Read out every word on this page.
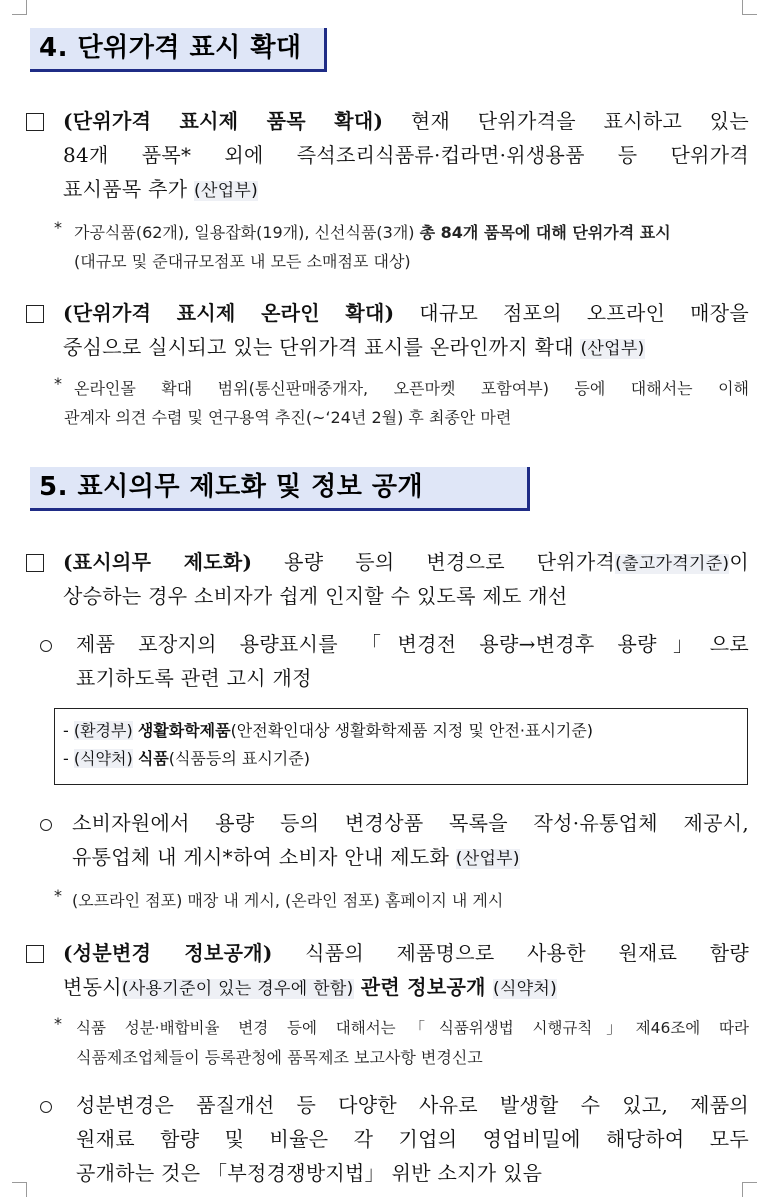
4. 단위가격 표시 확대
(단위가격 표시제 품목 확대) 현재 단위가격을 표시하고 있는
84개 품목* 외에 즉석조리식품류·컵라면·위생용품 등 단위가격
표시품목 추가 (산업부)
* 가공식품(62개), 일용잡화(19개), 신선식품(3개) 총 84개 품목에 대해 단위가격 표시
(대규모 및 준대규모점포 내 모든 소매점포 대상)
(단위가격 표시제 온라인 확대) 대규모 점포의 오프라인 매장을
중심으로 실시되고 있는 단위가격 표시를 온라인까지 확대 (산업부)
* 온라인몰 확대 범위(통신판매중개자, 오픈마켓 포함여부) 등에 대해서는 이해
관계자 의견 수렴 및 연구용역 추진(~‘24년 2월) 후 최종안 마련
5. 표시의무 제도화 및 정보 공개
(표시의무 제도화) 용량 등의 변경으로 단위가격(출고가격기준)이
상승하는 경우 소비자가 쉽게 인지할 수 있도록 제도 개선
제품 포장지의 용량표시를 「변경전 용량→변경후 용량」으로
표기하도록 관련 고시 개정
- (환경부) 생활화학제품(안전확인대상 생활화학제품 지정 및 안전·표시기준)
- (식약처) 식품(식품등의 표시기준)
소비자원에서 용량 등의 변경상품 목록을 작성·유통업체 제공시,
유통업체 내 게시*하여 소비자 안내 제도화 (산업부)
* (오프라인 점포) 매장 내 게시, (온라인 점포) 홈페이지 내 게시
(성분변경 정보공개) 식품의 제품명으로 사용한 원재료 함량
변동시(사용기준이 있는 경우에 한함) 관련 정보공개 (식약처)
* 식품 성분·배합비율 변경 등에 대해서는「식품위생법 시행규칙」제46조에 따라
식품제조업체들이 등록관청에 품목제조 보고사항 변경신고
성분변경은 품질개선 등 다양한 사유로 발생할 수 있고, 제품의
원재료 함량 및 비율은 각 기업의 영업비밀에 해당하여 모두
공개하는 것은 「부정경쟁방지법」 위반 소지가 있음
